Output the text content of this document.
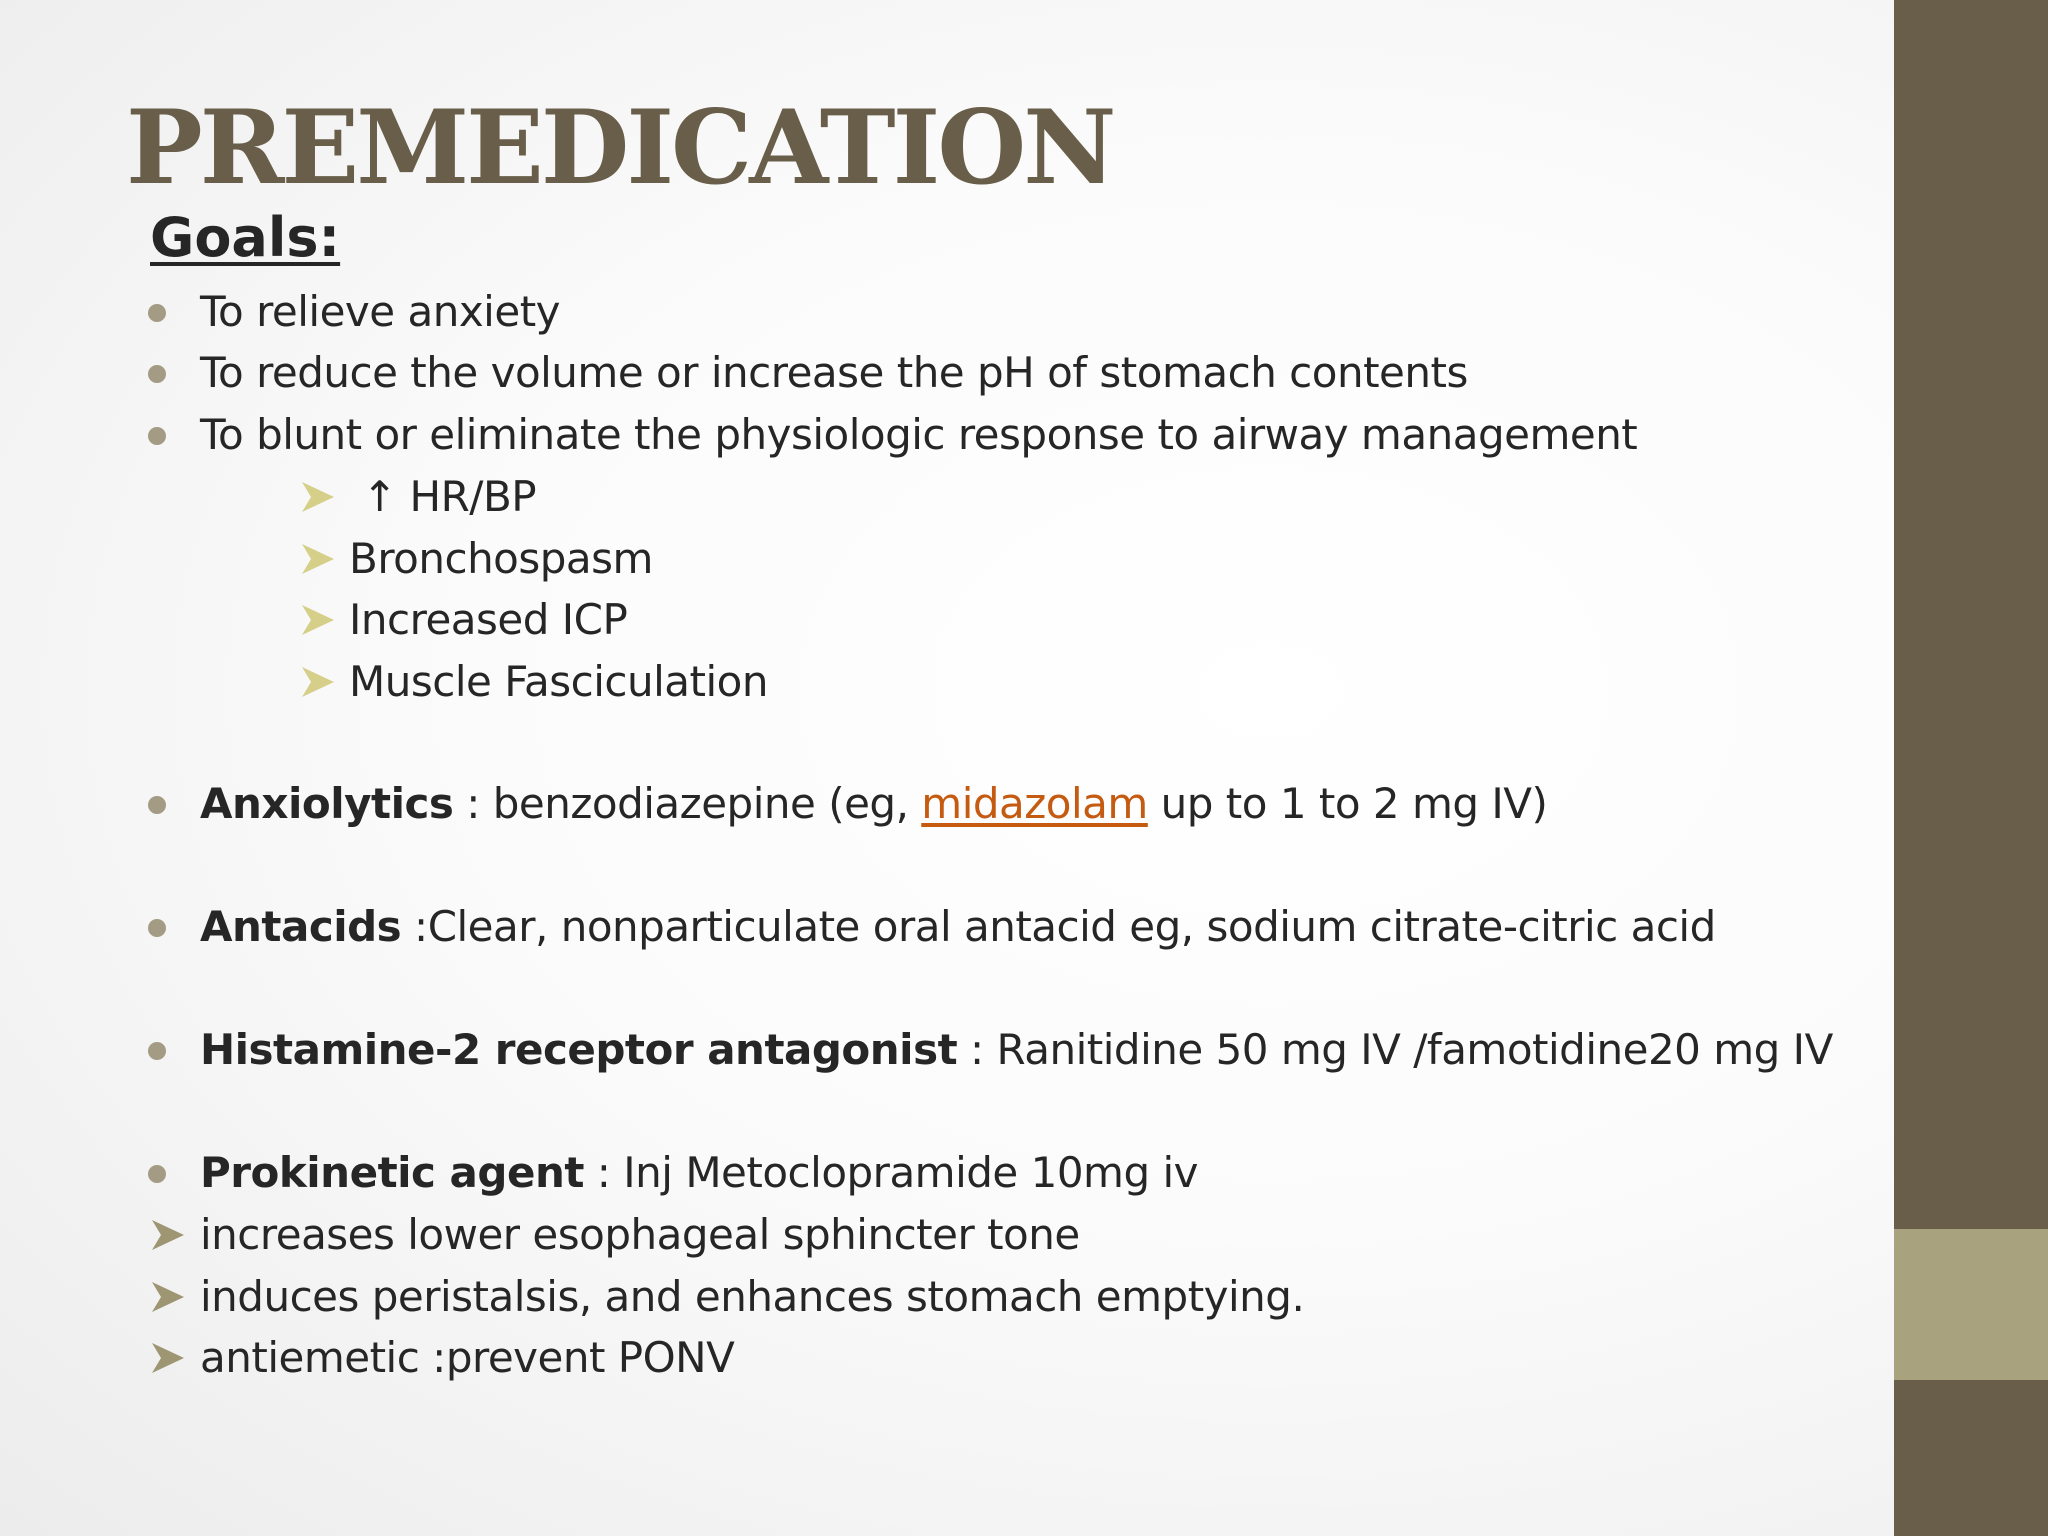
PREMEDICATION
Goals:
To relieve anxiety
To reduce the volume or increase the pH of stomach contents
To blunt or eliminate the physiologic response to airway management
↑ HR/BP
Bronchospasm
Increased ICP
Muscle Fasciculation
Anxiolytics : benzodiazepine (eg, midazolam up to 1 to 2 mg IV)
Antacids :Clear, nonparticulate oral antacid eg, sodium citrate-citric acid
Histamine-2 receptor antagonist : Ranitidine 50 mg IV /famotidine20 mg IV
Prokinetic agent : Inj Metoclopramide 10mg iv
increases lower esophageal sphincter tone
induces peristalsis, and enhances stomach emptying.
antiemetic :prevent PONV
